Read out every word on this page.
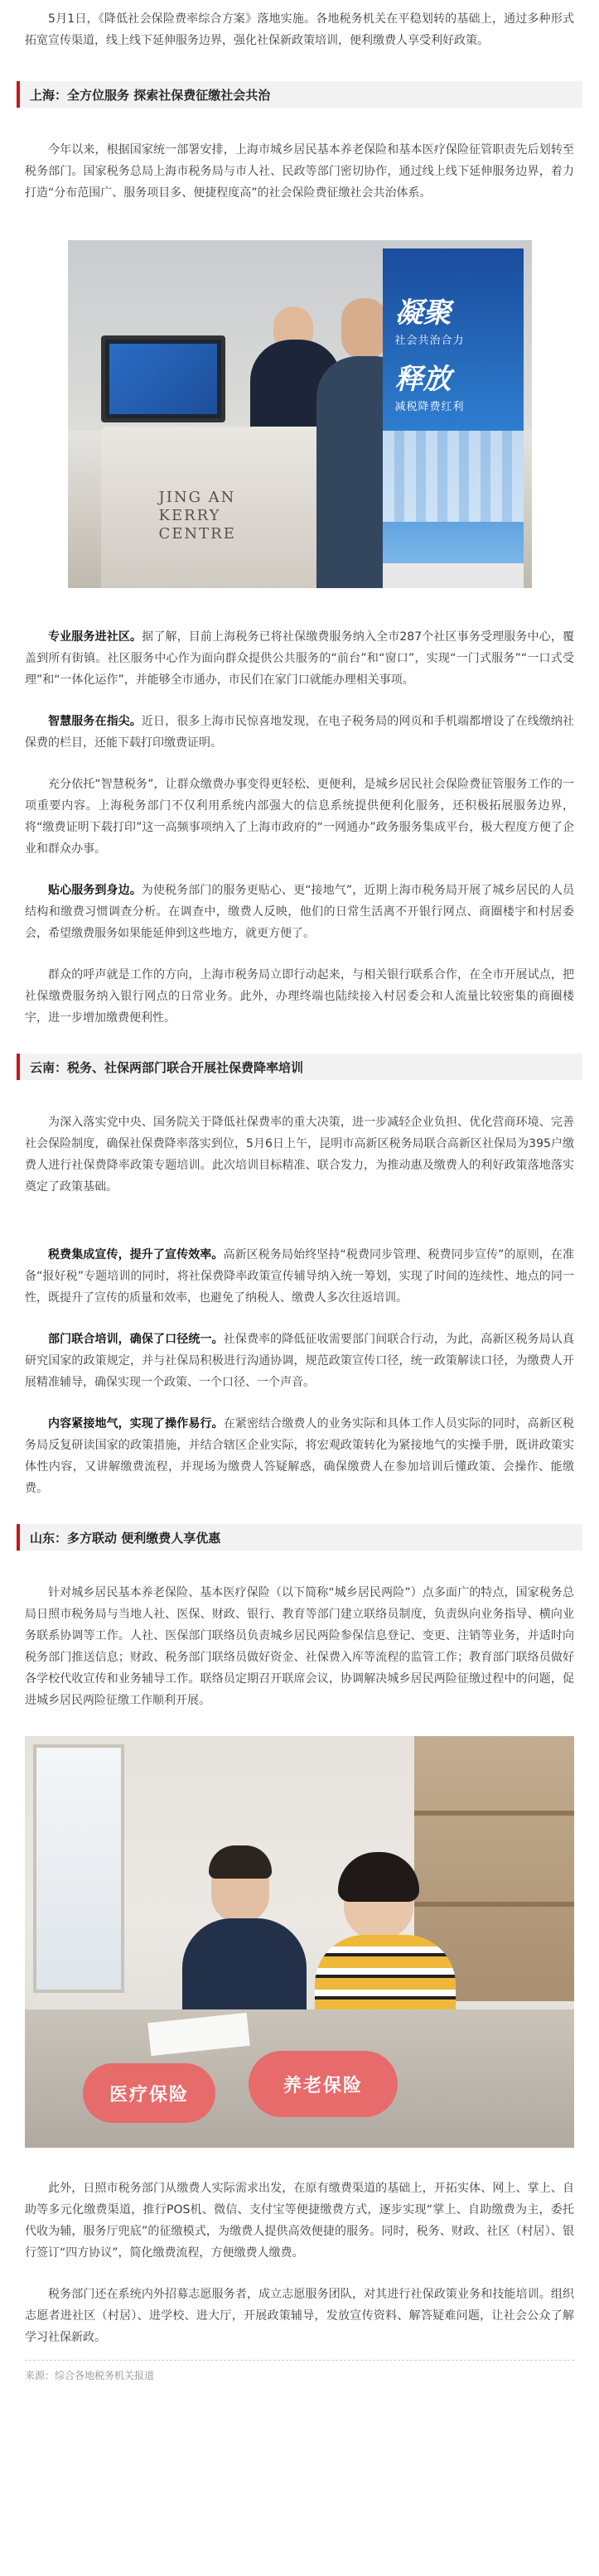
5月1日，《降低社会保险费率综合方案》落地实施。各地税务机关在平稳划转的基础上，通过多种形式拓宽宣传渠道，线上线下延伸服务边界，强化社保新政策培训，便利缴费人享受利好政策。

上海：全方位服务 探索社保费征缴社会共治

今年以来，根据国家统一部署安排，上海市城乡居民基本养老保险和基本医疗保险征管职责先后划转至税务部门。国家税务总局上海市税务局与市人社、民政等部门密切协作，通过线上线下延伸服务边界，着力打造“分布范围广、服务项目多、便捷程度高”的社会保险费征缴社会共治体系。

JING AN
KERRY
CENTRE
凝聚
社会共治合力
释放
减税降费红利

专业服务进社区。据了解，目前上海税务已将社保缴费服务纳入全市287个社区事务受理服务中心，覆盖到所有街镇。社区服务中心作为面向群众提供公共服务的“前台”和“窗口”，实现“一门式服务”“一口式受理”和“一体化运作”，并能够全市通办，市民们在家门口就能办理相关事项。

智慧服务在指尖。近日，很多上海市民惊喜地发现，在电子税务局的网页和手机端都增设了在线缴纳社保费的栏目，还能下载打印缴费证明。

充分依托“智慧税务”，让群众缴费办事变得更轻松、更便利，是城乡居民社会保险费征管服务工作的一项重要内容。上海税务部门不仅利用系统内部强大的信息系统提供便利化服务，还积极拓展服务边界，将“缴费证明下载打印”这一高频事项纳入了上海市政府的“一网通办”政务服务集成平台，极大程度方便了企业和群众办事。

贴心服务到身边。为使税务部门的服务更贴心、更“接地气”，近期上海市税务局开展了城乡居民的人员结构和缴费习惯调查分析。在调查中，缴费人反映，他们的日常生活离不开银行网点、商圈楼宇和村居委会，希望缴费服务如果能延伸到这些地方，就更方便了。

群众的呼声就是工作的方向，上海市税务局立即行动起来，与相关银行联系合作，在全市开展试点，把社保缴费服务纳入银行网点的日常业务。此外，办理终端也陆续接入村居委会和人流量比较密集的商圈楼宇，进一步增加缴费便利性。

云南：税务、社保两部门联合开展社保费降率培训

为深入落实党中央、国务院关于降低社保费率的重大决策，进一步减轻企业负担、优化营商环境、完善社会保险制度，确保社保费降率落实到位，5月6日上午，昆明市高新区税务局联合高新区社保局为395户缴费人进行社保费降率政策专题培训。此次培训目标精准、联合发力，为推动惠及缴费人的利好政策落地落实奠定了政策基础。

税费集成宣传，提升了宣传效率。高新区税务局始终坚持“税费同步管理、税费同步宣传”的原则，在准备“报好税”专题培训的同时，将社保费降率政策宣传辅导纳入统一筹划，实现了时间的连续性、地点的同一性，既提升了宣传的质量和效率，也避免了纳税人、缴费人多次往返培训。

部门联合培训，确保了口径统一。社保费率的降低征收需要部门间联合行动，为此，高新区税务局认真研究国家的政策规定，并与社保局积极进行沟通协调，规范政策宣传口径，统一政策解读口径，为缴费人开展精准辅导，确保实现一个政策、一个口径、一个声音。

内容紧接地气，实现了操作易行。在紧密结合缴费人的业务实际和具体工作人员实际的同时，高新区税务局反复研读国家的政策措施，并结合辖区企业实际，将宏观政策转化为紧接地气的实操手册，既讲政策实体性内容，又讲解缴费流程，并现场为缴费人答疑解惑，确保缴费人在参加培训后懂政策、会操作、能缴费。

山东：多方联动 便利缴费人享优惠

针对城乡居民基本养老保险、基本医疗保险（以下简称“城乡居民两险”）点多面广的特点，国家税务总局日照市税务局与当地人社、医保、财政、银行、教育等部门建立联络员制度，负责纵向业务指导、横向业务联系协调等工作。人社、医保部门联络员负责城乡居民两险参保信息登记、变更、注销等业务，并适时向税务部门推送信息；财政、税务部门联络员做好资金、社保费入库等流程的监管工作；教育部门联络员做好各学校代收宣传和业务辅导工作。联络员定期召开联席会议，协调解决城乡居民两险征缴过程中的问题，促进城乡居民两险征缴工作顺利开展。

医疗保险	养老保险

此外，日照市税务部门从缴费人实际需求出发，在原有缴费渠道的基础上，开拓实体、网上、掌上、自助等多元化缴费渠道，推行POS机、微信、支付宝等便捷缴费方式，逐步实现“掌上、自助缴费为主，委托代收为辅，服务厅兜底”的征缴模式，为缴费人提供高效便捷的服务。同时，税务、财政、社区（村居）、银行签订“四方协议”，简化缴费流程，方便缴费人缴费。

税务部门还在系统内外招募志愿服务者，成立志愿服务团队，对其进行社保政策业务和技能培训。组织志愿者进社区（村居）、进学校、进大厅，开展政策辅导，发放宣传资料、解答疑难问题，让社会公众了解学习社保新政。

来源：综合各地税务机关报道
